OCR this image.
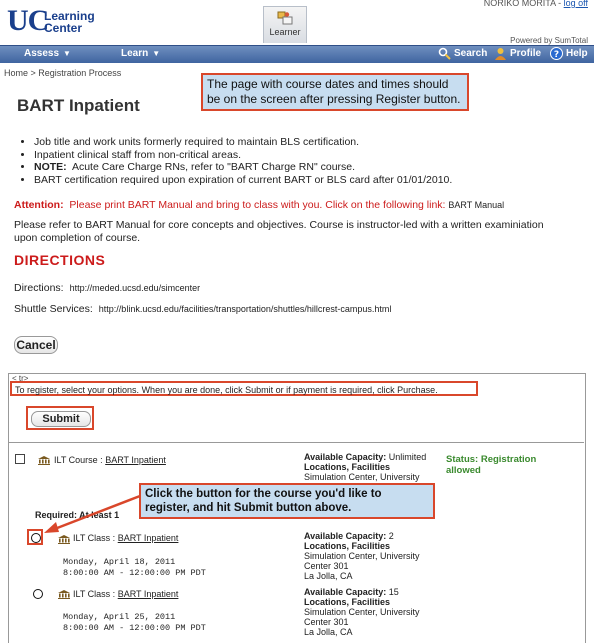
UC
Learning
Center	Learner
NORIKO MORITA - log off
Powered by SumTotal
Assess ▼	Learn ▼	Search Profile ? Help
Home > Registration Process
BART Inpatient
The page with course dates and times should
be on the screen after pressing Register button.
• Job title and work units formerly required to maintain BLS certification.
• Inpatient clinical staff from non-critical areas.
• NOTE: Acute Care Charge RNs, refer to "BART Charge RN" course.
• BART certification required upon expiration of current BART or BLS card after 01/01/2010.
Attention: Please print BART Manual and bring to class with you. Click on the following link: BART Manual
Please refer to BART Manual for core concepts and objectives. Course is instructor-led with a written examiniation upon completion of course.
DIRECTIONS
Directions: http://meded.ucsd.edu/simcenter
Shuttle Services: http://blink.ucsd.edu/facilities/transportation/shuttles/hillcrest-campus.html
Cancel
< tr>
To register, select your options. When you are done, click Submit or if payment is required, click Purchase.
Submit
ILT Course : BART Inpatient	Available Capacity: Unlimited
Locations, Facilities
Simulation Center, University
Status: Registration
allowed
Required: At least 1
ILT Class : BART Inpatient
Monday, April 18, 2011
8:00:00 AM - 12:00:00 PM PDT
Available Capacity: 2
Locations, Facilities
Simulation Center, University
Center 301
La Jolla, CA
ILT Class : BART Inpatient
Monday, April 25, 2011
8:00:00 AM - 12:00:00 PM PDT
Available Capacity: 15
Locations, Facilities
Simulation Center, University
Center 301
La Jolla, CA
Click the button for the course you'd like to
register, and hit Submit button above.
